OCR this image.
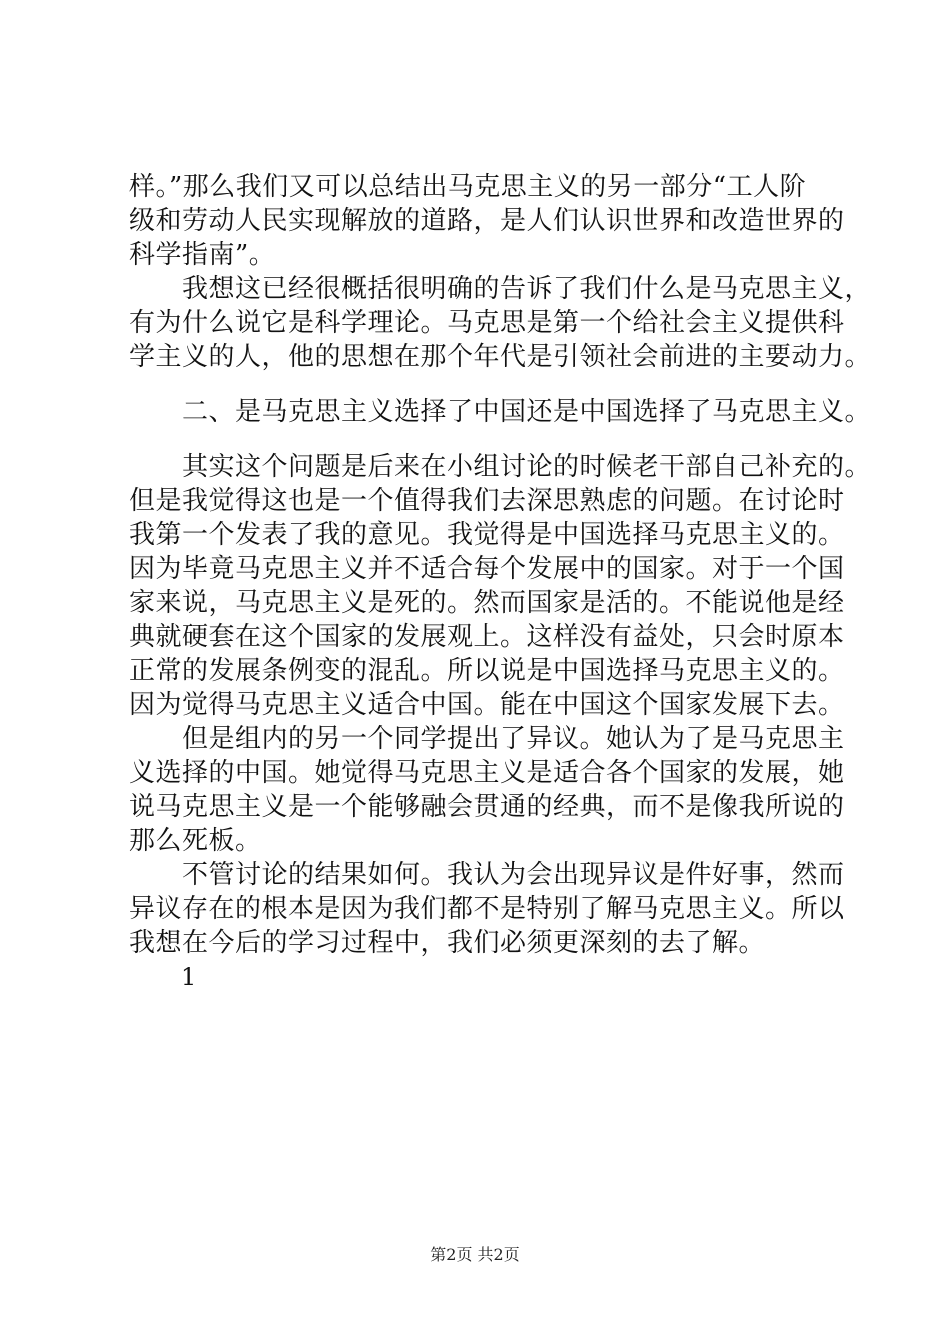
样。”那么我们又可以总结出马克思主义的另一部分“工人阶
级和劳动人民实现解放的道路，是人们认识世界和改造世界的
科学指南”。
　　我想这已经很概括很明确的告诉了我们什么是马克思主义，
有为什么说它是科学理论。马克思是第一个给社会主义提供科
学主义的人，他的思想在那个年代是引领社会前进的主要动力。
　　二、是马克思主义选择了中国还是中国选择了马克思主义。
　　其实这个问题是后来在小组讨论的时候老干部自己补充的。
但是我觉得这也是一个值得我们去深思熟虑的问题。在讨论时
我第一个发表了我的意见。我觉得是中国选择马克思主义的。
因为毕竟马克思主义并不适合每个发展中的国家。对于一个国
家来说，马克思主义是死的。然而国家是活的。不能说他是经
典就硬套在这个国家的发展观上。这样没有益处，只会时原本
正常的发展条例变的混乱。所以说是中国选择马克思主义的。
因为觉得马克思主义适合中国。能在中国这个国家发展下去。
　　但是组内的另一个同学提出了异议。她认为了是马克思主
义选择的中国。她觉得马克思主义是适合各个国家的发展，她
说马克思主义是一个能够融会贯通的经典，而不是像我所说的
那么死板。
　　不管讨论的结果如何。我认为会出现异议是件好事，然而
异议存在的根本是因为我们都不是特别了解马克思主义。所以
我想在今后的学习过程中，我们必须更深刻的去了解。
1
第2页 共2页
